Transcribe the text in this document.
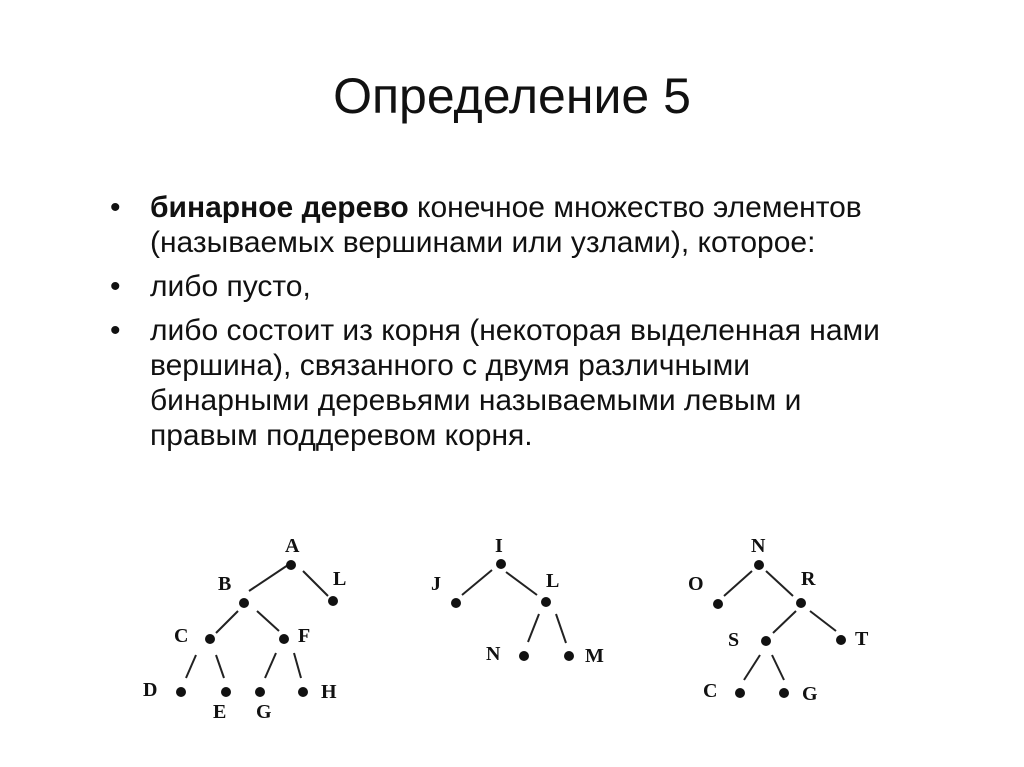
Определение 5
• бинарное дерево конечное множество элементов (называемых вершинами или узлами), которое:
• либо пусто,
• либо состоит из корня (некоторая выделенная нами вершина), связанного с двумя различными бинарными деревьями называемыми левым и правым поддеревом корня.
A
B	L
C	F
D
E G
H
I
J	L
N	M
N
O	R
S	T
C	G
